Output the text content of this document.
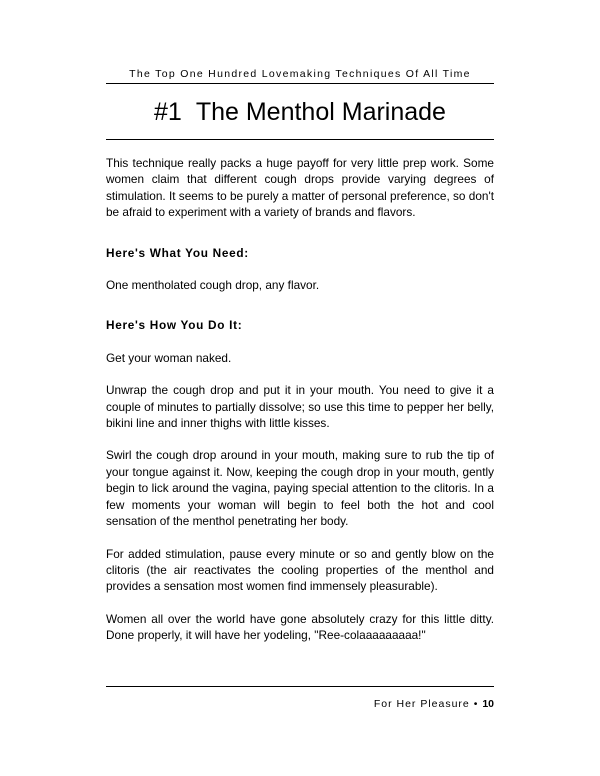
The Top One Hundred Lovemaking Techniques Of All Time
#1 The Menthol Marinade

This technique really packs a huge payoff for very little prep work. Some women claim that different cough drops provide varying degrees of stimulation. It seems to be purely a matter of personal preference, so don't be afraid to experiment with a variety of brands and flavors.

Here's What You Need:

One mentholated cough drop, any flavor.

Here's How You Do It:

Get your woman naked.

Unwrap the cough drop and put it in your mouth. You need to give it a couple of minutes to partially dissolve; so use this time to pepper her belly, bikini line and inner thighs with little kisses.

Swirl the cough drop around in your mouth, making sure to rub the tip of your tongue against it. Now, keeping the cough drop in your mouth, gently begin to lick around the vagina, paying special attention to the clitoris. In a few moments your woman will begin to feel both the hot and cool sensation of the menthol penetrating her body.

For added stimulation, pause every minute or so and gently blow on the clitoris (the air reactivates the cooling properties of the menthol and provides a sensation most women find immensely pleasurable).

Women all over the world have gone absolutely crazy for this little ditty. Done properly, it will have her yodeling, "Ree-colaaaaaaaaa!"

For Her Pleasure • 10
